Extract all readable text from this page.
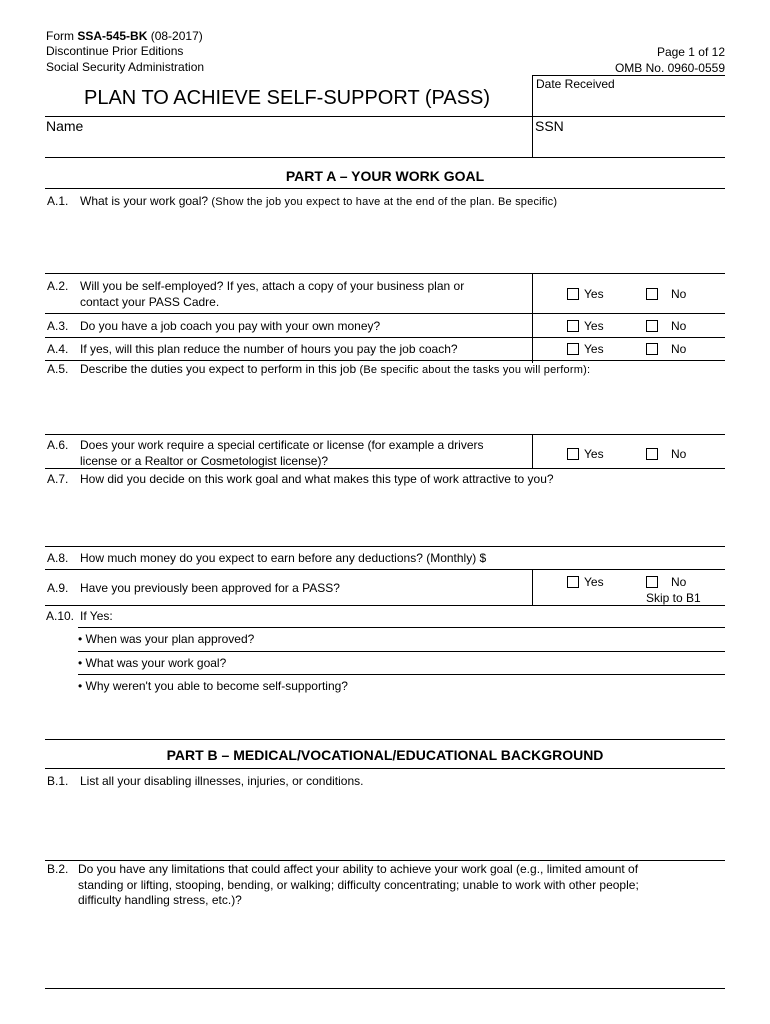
Form SSA-545-BK (08-2017)
Discontinue Prior Editions
Social Security Administration
Page 1 of 12
OMB No. 0960-0559
PLAN TO ACHIEVE SELF-SUPPORT (PASS)
Date Received
Name	SSN
PART A – YOUR WORK GOAL
A.1. What is your work goal? (Show the job you expect to have at the end of the plan. Be specific)
A.2. Will you be self-employed? If yes, attach a copy of your business plan or
contact your PASS Cadre.
Yes	No
A.3. Do you have a job coach you pay with your own money?	Yes	No
A.4. If yes, will this plan reduce the number of hours you pay the job coach?	Yes	No
A.5. Describe the duties you expect to perform in this job (Be specific about the tasks you will perform):
A.6. Does your work require a special certificate or license (for example a drivers
license or a Realtor or Cosmetologist license)?	Yes	No
A.7. How did you decide on this work goal and what makes this type of work attractive to you?
A.8. How much money do you expect to earn before any deductions? (Monthly) $
A.9. Have you previously been approved for a PASS?	Yes	No
Skip to B1
A.10. If Yes:
• When was your plan approved?
• What was your work goal?
• Why weren't you able to become self-supporting?
PART B – MEDICAL/VOCATIONAL/EDUCATIONAL BACKGROUND
B.1. List all your disabling illnesses, injuries, or conditions.
B.2. Do you have any limitations that could affect your ability to achieve your work goal (e.g., limited amount of
standing or lifting, stooping, bending, or walking; difficulty concentrating; unable to work with other people;
difficulty handling stress, etc.)?
